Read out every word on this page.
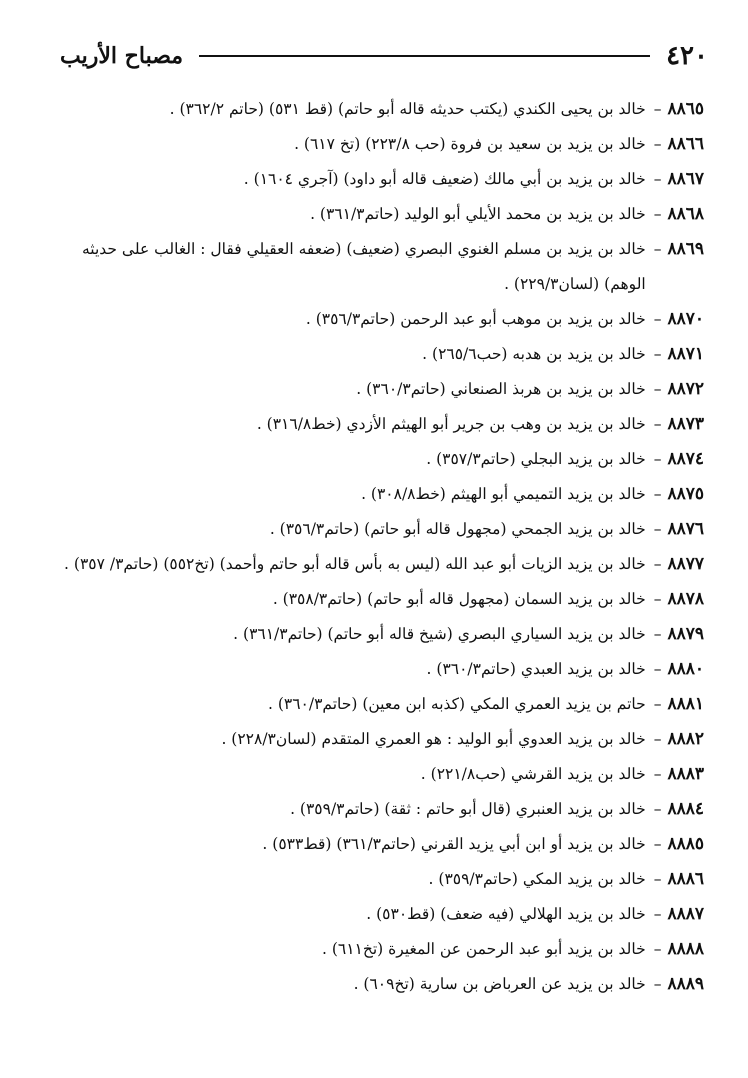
٤٢٠
مصباح الأريب
٨٨٦٥
–
خالد بن يحيى الكندي (يكتب حديثه قاله أبو حاتم) (قط ٥٣١) (حاتم ٣٦٢/٢) .
٨٨٦٦
–
خالد بن يزيد بن سعيد بن فروة (حب ٢٢٣/٨) (تخ ٦١٧) .
٨٨٦٧
–
خالد بن يزيد بن أبي مالك (ضعيف قاله أبو داود) (آجري ١٦٠٤) .
٨٨٦٨
–
خالد بن يزيد بن محمد الأيلي أبو الوليد (حاتم٣٦١/٣) .
٨٨٦٩
–
خالد بن يزيد بن مسلم الغنوي البصري (ضعيف) (ضعفه العقيلي فقال : الغالب على حديثه الوهم) (لسان٢٢٩/٣) .
٨٨٧٠
–
خالد بن يزيد بن موهب أبو عبد الرحمن (حاتم٣٥٦/٣) .
٨٨٧١
–
خالد بن يزيد بن هدبه (حب٢٦٥/٦) .
٨٨٧٢
–
خالد بن يزيد بن هربذ الصنعاني (حاتم٣٦٠/٣) .
٨٨٧٣
–
خالد بن يزيد بن وهب بن جرير أبو الهيثم الأزدي (خط٣١٦/٨) .
٨٨٧٤
–
خالد بن يزيد البجلي (حاتم٣٥٧/٣) .
٨٨٧٥
–
خالد بن يزيد التميمي أبو الهيثم (خط٣٠٨/٨) .
٨٨٧٦
–
خالد بن يزيد الجمحي (مجهول قاله أبو حاتم) (حاتم٣٥٦/٣) .
٨٨٧٧
–
خالد بن يزيد الزيات أبو عبد الله (ليس به بأس قاله أبو حاتم وأحمد) (تخ٥٥٢) (حاتم٣/ ٣٥٧) .
٨٨٧٨
–
خالد بن يزيد السمان (مجهول قاله أبو حاتم) (حاتم٣٥٨/٣) .
٨٨٧٩
–
خالد بن يزيد السياري البصري (شيخ قاله أبو حاتم) (حاتم٣٦١/٣) .
٨٨٨٠
–
خالد بن يزيد العبدي (حاتم٣٦٠/٣) .
٨٨٨١
–
حاتم بن يزيد العمري المكي (كذبه ابن معين) (حاتم٣٦٠/٣) .
٨٨٨٢
–
خالد بن يزيد العدوي أبو الوليد : هو العمري المتقدم (لسان٢٢٨/٣) .
٨٨٨٣
–
خالد بن يزيد القرشي (حب٢٢١/٨) .
٨٨٨٤
–
خالد بن يزيد العنبري (قال أبو حاتم : ثقة) (حاتم٣٥٩/٣) .
٨٨٨٥
–
خالد بن يزيد أو ابن أبي يزيد القرني (حاتم٣٦١/٣) (قط٥٣٣) .
٨٨٨٦
–
خالد بن يزيد المكي (حاتم٣٥٩/٣) .
٨٨٨٧
–
خالد بن يزيد الهلالي (فيه ضعف) (قط٥٣٠) .
٨٨٨٨
–
خالد بن يزيد أبو عبد الرحمن عن المغيرة (تخ٦١١) .
٨٨٨٩
–
خالد بن يزيد عن العرباض بن سارية (تخ٦٠٩) .
